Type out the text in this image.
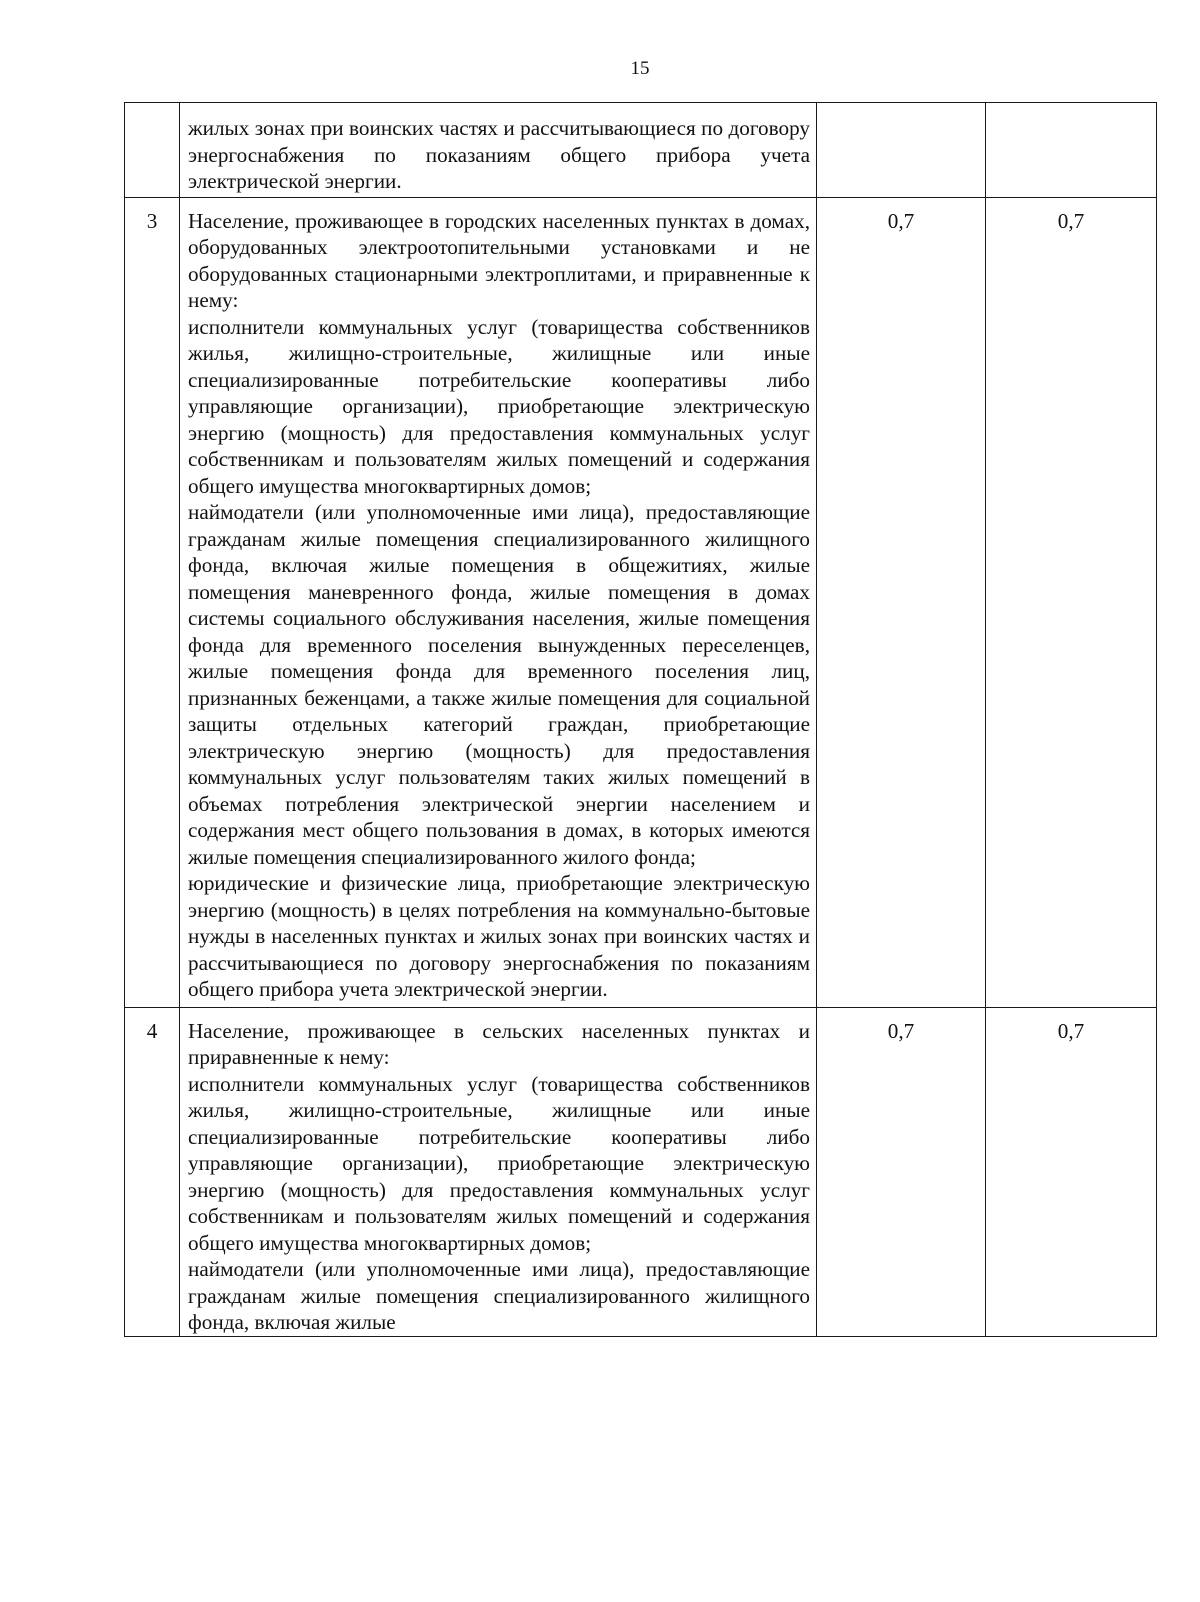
15

	жилых зонах при воинских частях и рассчитывающиеся по договору энергоснабжения по показаниям общего прибора учета электрической энергии.		

3	Население, проживающее в городских населенных пунктах в домах, оборудованных электроотопительными установками и не оборудованных стационарными электроплитами, и приравненные к нему:

исполнители коммунальных услуг (товарищества собственников жилья, жилищно-строительные, жилищные или иные специализированные потребительские кооперативы либо управляющие организации), приобретающие электрическую энергию (мощность) для предоставления коммунальных услуг собственникам и пользователям жилых помещений и содержания общего имущества многоквартирных домов;

наймодатели (или уполномоченные ими лица), предоставляющие гражданам жилые помещения специализированного жилищного фонда, включая жилые помещения в общежитиях, жилые помещения маневренного фонда, жилые помещения в домах системы социального обслуживания населения, жилые помещения фонда для временного поселения вынужденных переселенцев, жилые помещения фонда для временного поселения лиц, признанных беженцами, а также жилые помещения для социальной защиты отдельных категорий граждан, приобретающие электрическую энергию (мощность) для предоставления коммунальных услуг пользователям таких жилых помещений в объемах потребления электрической энергии населением и содержания мест общего пользования в домах, в которых имеются жилые помещения специализированного жилого фонда;

юридические и физические лица, приобретающие электрическую энергию (мощность) в целях потребления на коммунально-бытовые нужды в населенных пунктах и жилых зонах при воинских частях и рассчитывающиеся по договору энергоснабжения по показаниям общего прибора учета электрической энергии.	0,7	0,7
4	Население, проживающее в сельских населенных пунктах и приравненные к нему:

исполнители коммунальных услуг (товарищества собственников жилья, жилищно-строительные, жилищные или иные специализированные потребительские кооперативы либо управляющие организации), приобретающие электрическую энергию (мощность) для предоставления коммунальных услуг собственникам и пользователям жилых помещений и содержания общего имущества многоквартирных домов;

наймодатели (или уполномоченные ими лица), предоставляющие гражданам жилые помещения специализированного жилищного фонда, включая жилые	0,7	0,7
